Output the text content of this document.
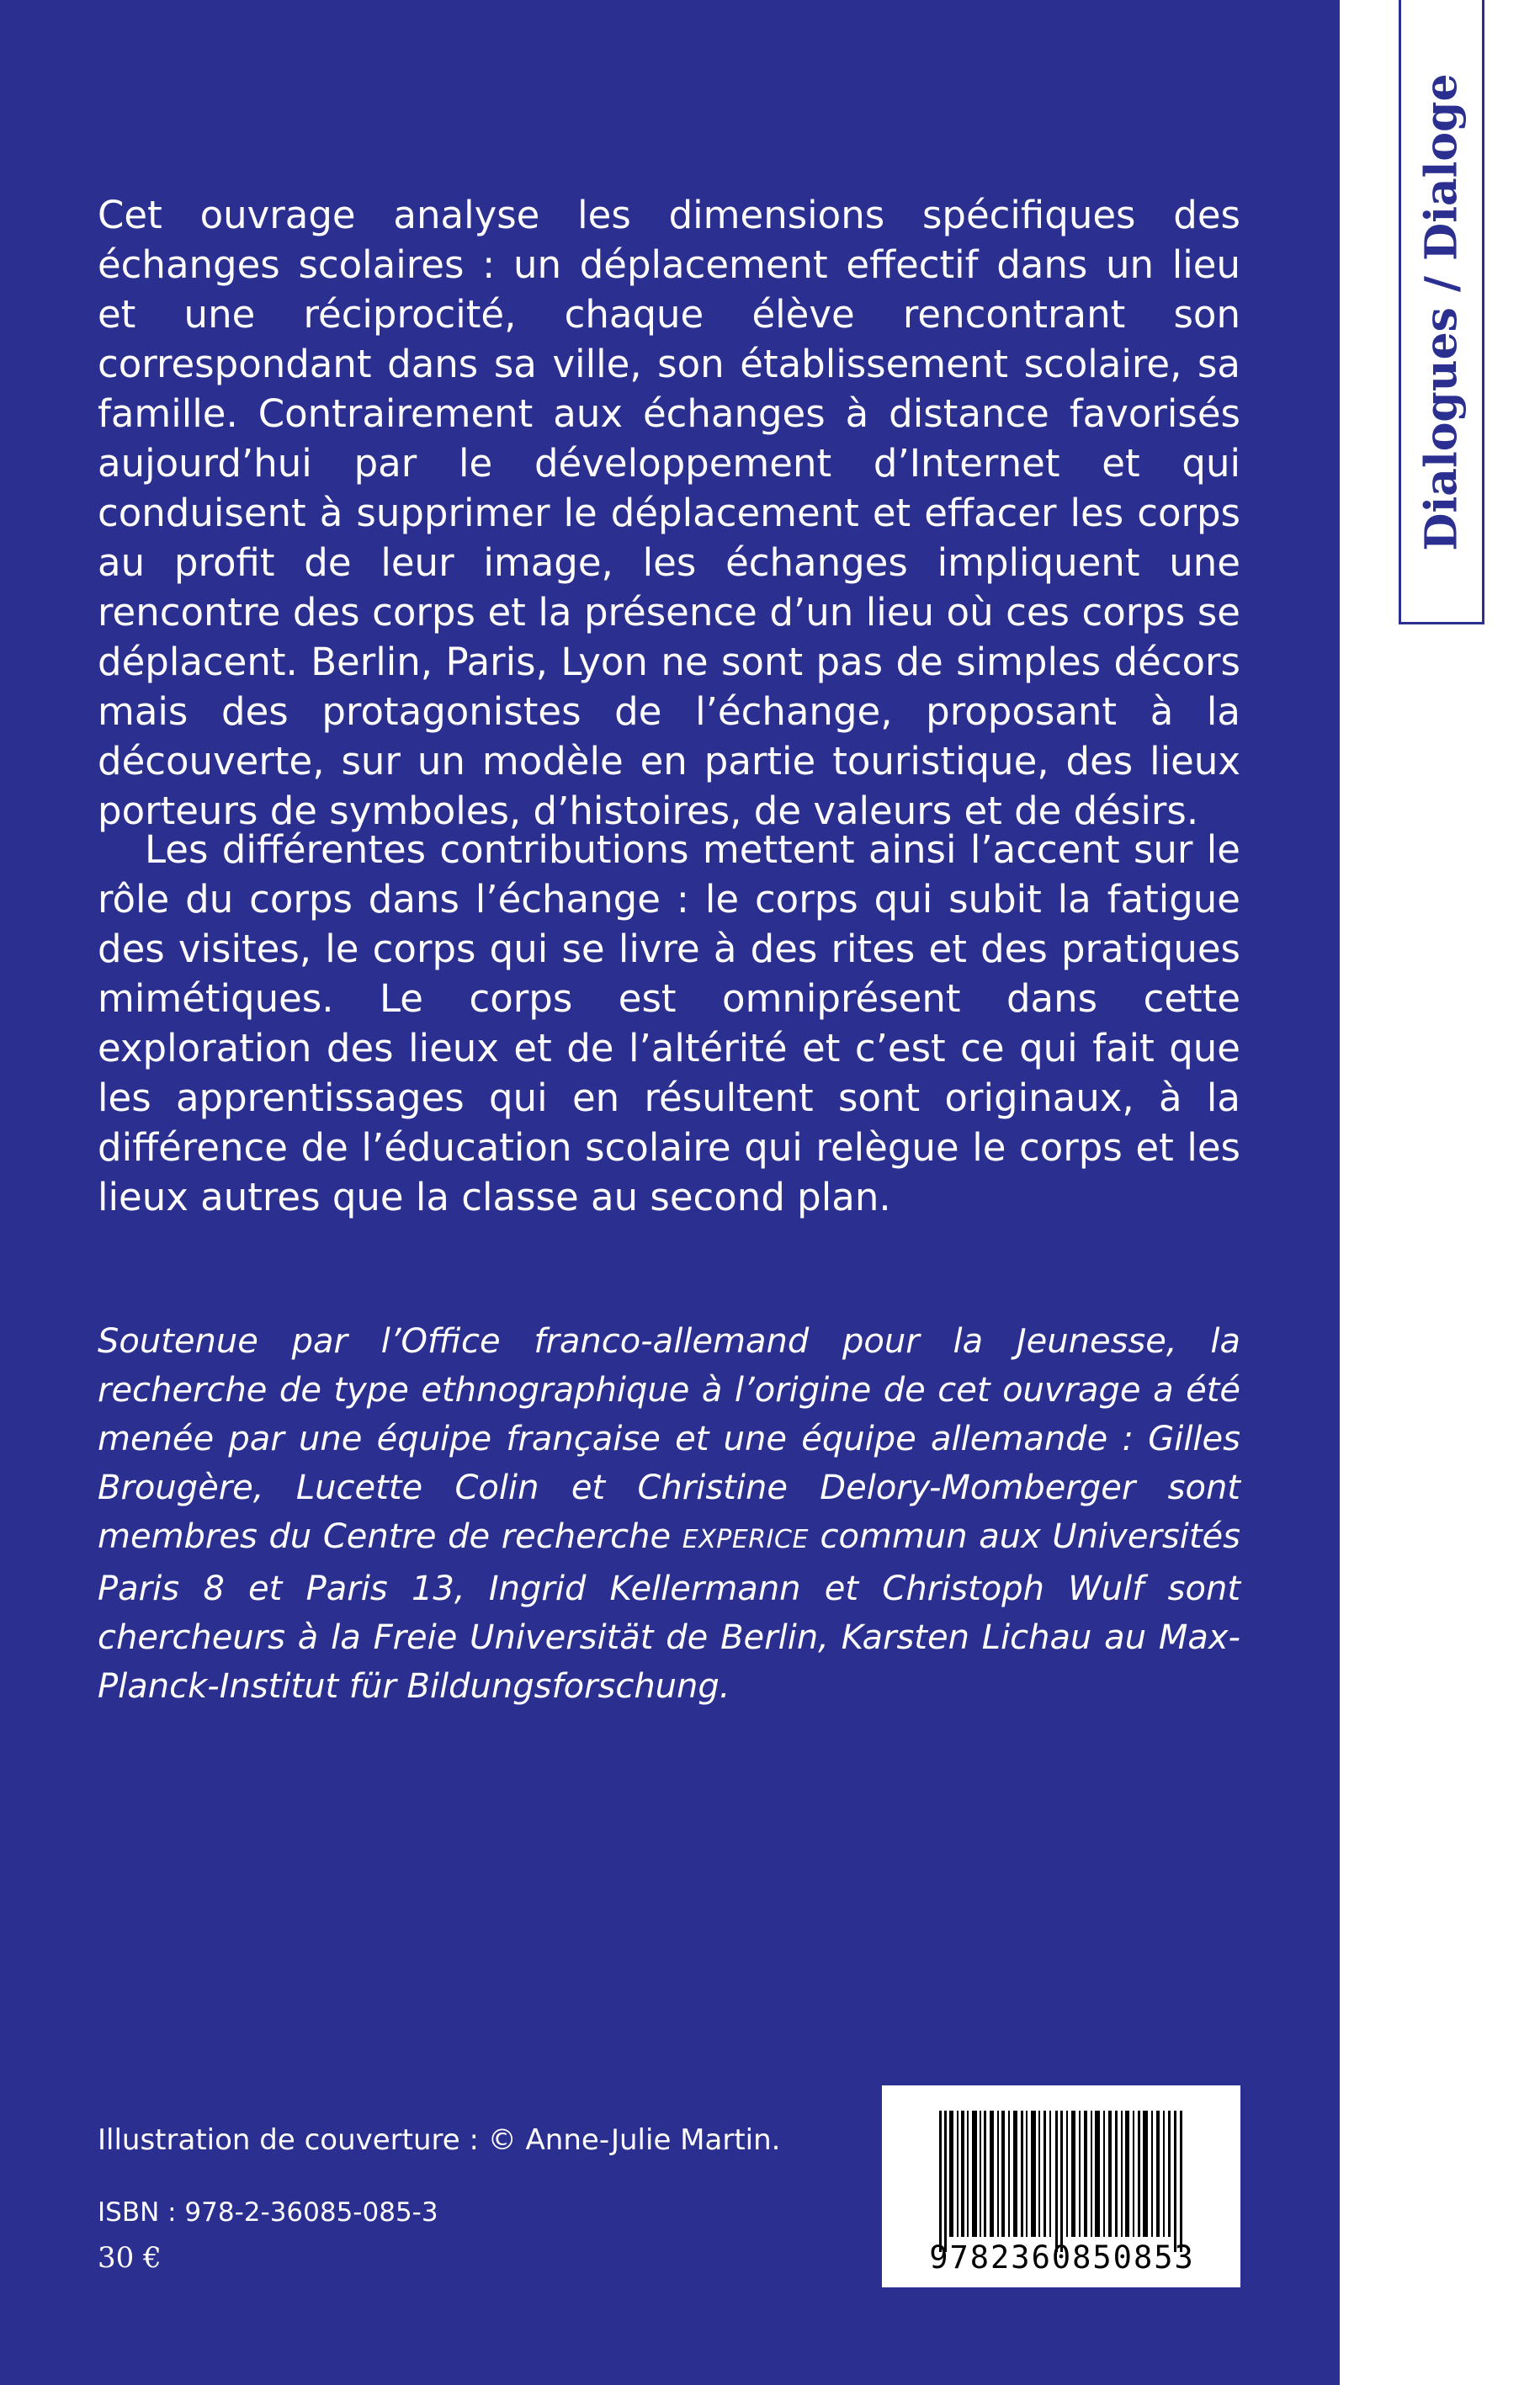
Dialogues / Dialoge
Cet ouvrage analyse les dimensions spécifiques des échanges scolaires : un déplacement effectif dans un lieu et une réciprocité, chaque élève rencontrant son correspondant dans sa ville, son établissement scolaire, sa famille. Contrairement aux échanges à distance favorisés aujourd’hui par le développement d’Internet et qui conduisent à supprimer le déplacement et effacer les corps au profit de leur image, les échanges impliquent une rencontre des corps et la présence d’un lieu où ces corps se déplacent. Berlin, Paris, Lyon ne sont pas de simples décors mais des protagonistes de l’échange, proposant à la découverte, sur un modèle en partie touristique, des lieux porteurs de symboles, d’histoires, de valeurs et de désirs.
Les différentes contributions mettent ainsi l’accent sur le rôle du corps dans l’échange : le corps qui subit la fatigue des visites, le corps qui se livre à des rites et des pratiques mimétiques. Le corps est omniprésent dans cette exploration des lieux et de l’altérité et c’est ce qui fait que les apprentissages qui en résultent sont originaux, à la différence de l’éducation scolaire qui relègue le corps et les lieux autres que la classe au second plan.
Soutenue par l’Office franco-allemand pour la Jeunesse, la recherche de type ethnographique à l’origine de cet ouvrage a été menée par une équipe française et une équipe allemande : Gilles Brougère, Lucette Colin et Christine Delory-Momberger sont membres du Centre de recherche EXPERICE commun aux Universités Paris 8 et Paris 13, Ingrid Kellermann et Christoph Wulf sont chercheurs à la Freie Universität de Berlin, Karsten Lichau au Max-Planck-Institut für Bildungsforschung.
Illustration de couverture : © Anne-Julie Martin.
ISBN : 978-2-36085-085-3
30 €	9782360850853
